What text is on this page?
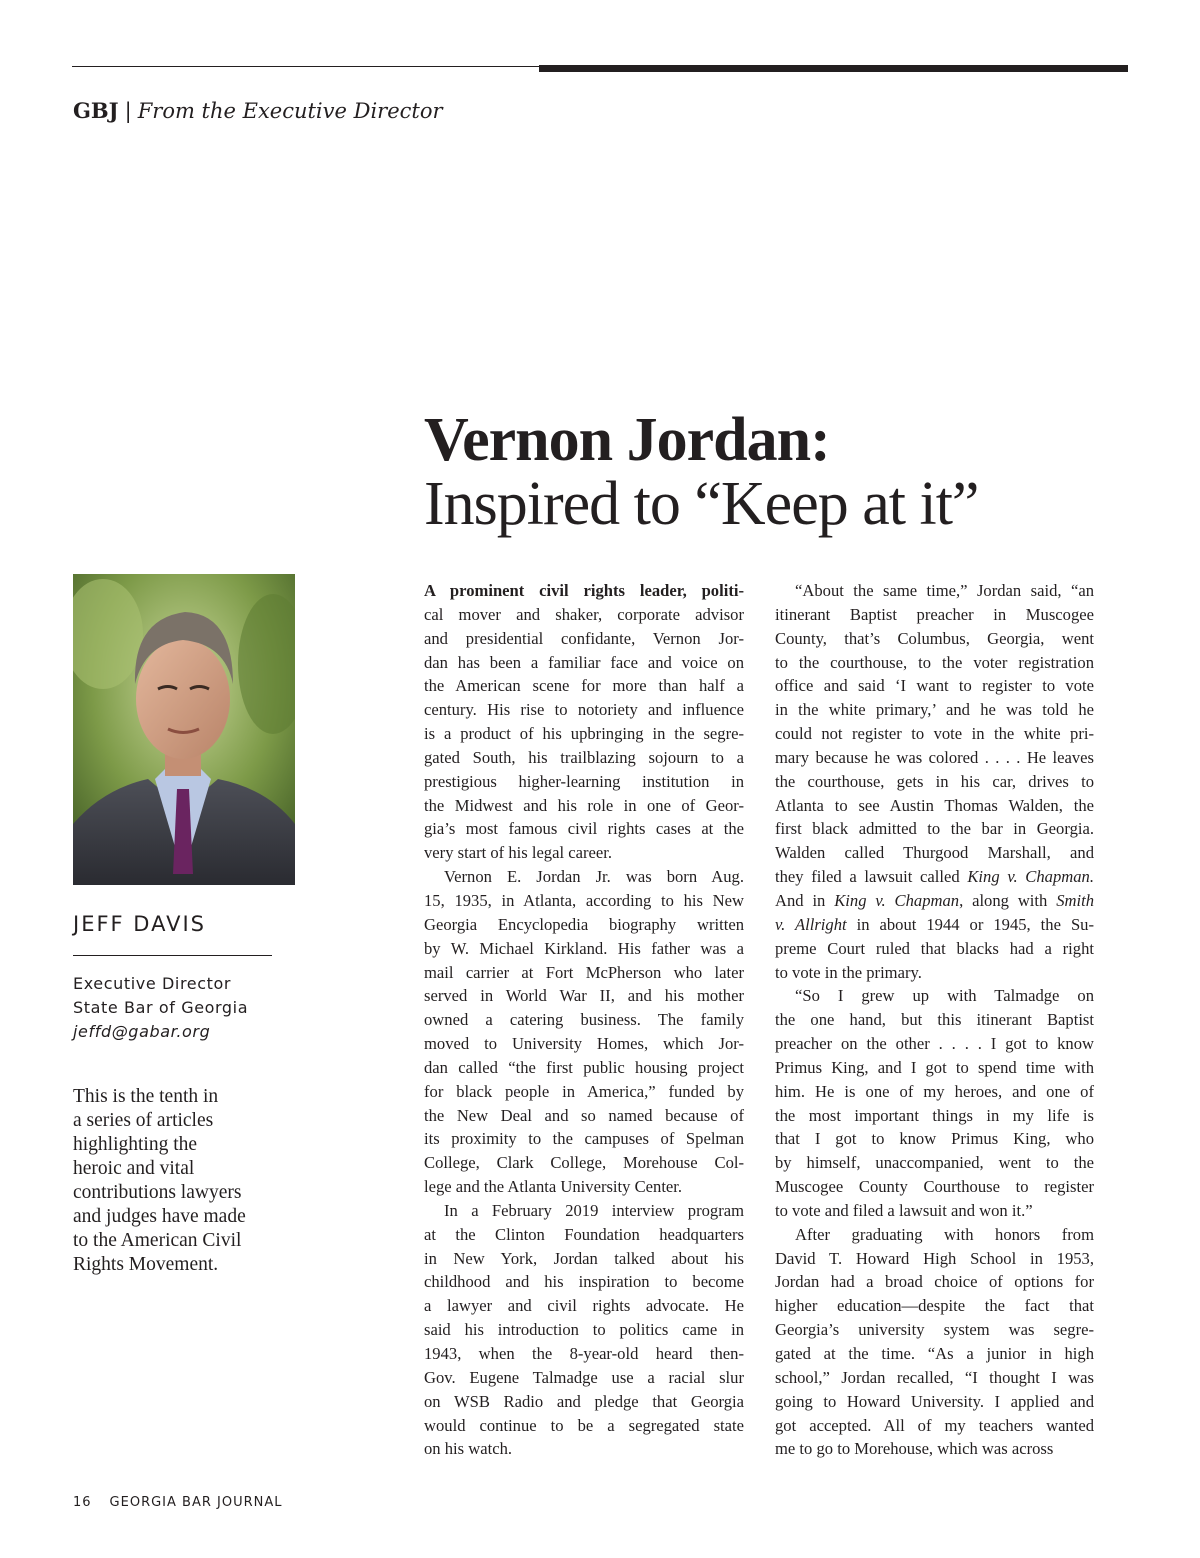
GBJ | From the Executive Director
Vernon Jordan:
Inspired to “Keep at it”
JEFF DAVIS
Executive Director
State Bar of Georgia
jeffd@gabar.org
This is the tenth in
a series of articles
highlighting the
heroic and vital
contributions lawyers
and judges have made
to the American Civil
Rights Movement.
A prominent civil rights leader, politi-
cal mover and shaker, corporate advisor
and presidential confidante, Vernon Jor-
dan has been a familiar face and voice on
the American scene for more than half a
century. His rise to notoriety and influence
is a product of his upbringing in the segre-
gated South, his trailblazing sojourn to a
prestigious higher-learning institution in
the Midwest and his role in one of Geor-
gia’s most famous civil rights cases at the
very start of his legal career.
Vernon E. Jordan Jr. was born Aug.
15, 1935, in Atlanta, according to his New
Georgia Encyclopedia biography written
by W. Michael Kirkland. His father was a
mail carrier at Fort McPherson who later
served in World War II, and his mother
owned a catering business. The family
moved to University Homes, which Jor-
dan called “the first public housing project
for black people in America,” funded by
the New Deal and so named because of
its proximity to the campuses of Spelman
College, Clark College, Morehouse Col-
lege and the Atlanta University Center.
In a February 2019 interview program
at the Clinton Foundation headquarters
in New York, Jordan talked about his
childhood and his inspiration to become
a lawyer and civil rights advocate. He
said his introduction to politics came in
1943, when the 8-year-old heard then-
Gov. Eugene Talmadge use a racial slur
on WSB Radio and pledge that Georgia
would continue to be a segregated state
on his watch.
“About the same time,” Jordan said, “an
itinerant Baptist preacher in Muscogee
County, that’s Columbus, Georgia, went
to the courthouse, to the voter registration
office and said ‘I want to register to vote
in the white primary,’ and he was told he
could not register to vote in the white pri-
mary because he was colored . . . . He leaves
the courthouse, gets in his car, drives to
Atlanta to see Austin Thomas Walden, the
first black admitted to the bar in Georgia.
Walden called Thurgood Marshall, and
they filed a lawsuit called King v. Chapman.
And in King v. Chapman, along with Smith
v. Allright in about 1944 or 1945, the Su-
preme Court ruled that blacks had a right
to vote in the primary.
“So I grew up with Talmadge on
the one hand, but this itinerant Baptist
preacher on the other . . . . I got to know
Primus King, and I got to spend time with
him. He is one of my heroes, and one of
the most important things in my life is
that I got to know Primus King, who
by himself, unaccompanied, went to the
Muscogee County Courthouse to register
to vote and filed a lawsuit and won it.”
After graduating with honors from
David T. Howard High School in 1953,
Jordan had a broad choice of options for
higher education—despite the fact that
Georgia’s university system was segre-
gated at the time. “As a junior in high
school,” Jordan recalled, “I thought I was
going to Howard University. I applied and
got accepted. All of my teachers wanted
me to go to Morehouse, which was across
16 GEORGIA BAR JOURNAL
